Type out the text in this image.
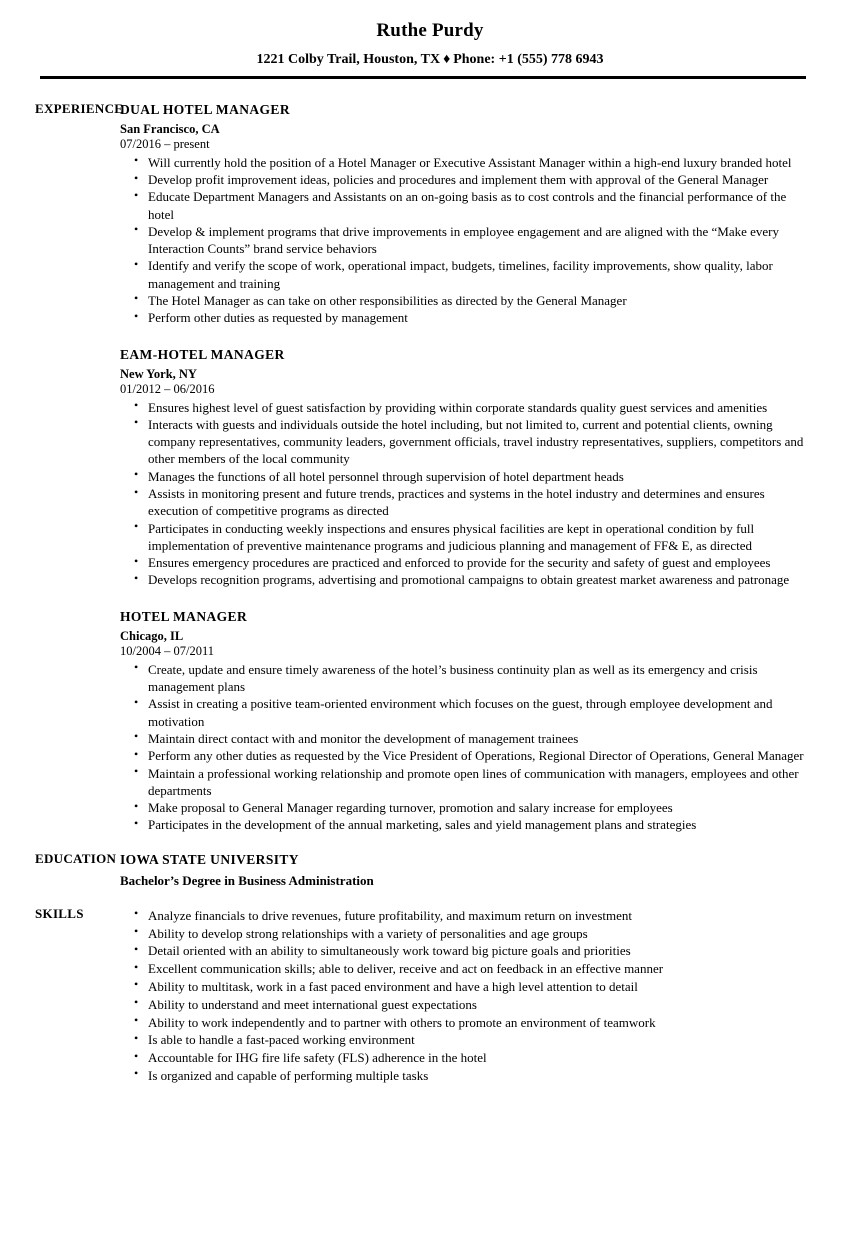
Ruthe Purdy
1221 Colby Trail, Houston, TX ♦ Phone: +1 (555) 778 6943
EXPERIENCE
DUAL HOTEL MANAGER
San Francisco, CA
07/2016 – present
• Will currently hold the position of a Hotel Manager or Executive Assistant Manager within a high-end luxury branded hotel
• Develop profit improvement ideas, policies and procedures and implement them with approval of the General Manager
• Educate Department Managers and Assistants on an on-going basis as to cost controls and the financial performance of the hotel
• Develop & implement programs that drive improvements in employee engagement and are aligned with the “Make every Interaction Counts” brand service behaviors
• Identify and verify the scope of work, operational impact, budgets, timelines, facility improvements, show quality, labor management and training
• The Hotel Manager as can take on other responsibilities as directed by the General Manager
• Perform other duties as requested by management
EAM-HOTEL MANAGER
New York, NY
01/2012 – 06/2016
• Ensures highest level of guest satisfaction by providing within corporate standards quality guest services and amenities
• Interacts with guests and individuals outside the hotel including, but not limited to, current and potential clients, owning company representatives, community leaders, government officials, travel industry representatives, suppliers, competitors and other members of the local community
• Manages the functions of all hotel personnel through supervision of hotel department heads
• Assists in monitoring present and future trends, practices and systems in the hotel industry and determines and ensures execution of competitive programs as directed
• Participates in conducting weekly inspections and ensures physical facilities are kept in operational condition by full implementation of preventive maintenance programs and judicious planning and management of FF& E, as directed
• Ensures emergency procedures are practiced and enforced to provide for the security and safety of guest and employees
• Develops recognition programs, advertising and promotional campaigns to obtain greatest market awareness and patronage
HOTEL MANAGER
Chicago, IL
10/2004 – 07/2011
• Create, update and ensure timely awareness of the hotel’s business continuity plan as well as its emergency and crisis management plans
• Assist in creating a positive team-oriented environment which focuses on the guest, through employee development and motivation
• Maintain direct contact with and monitor the development of management trainees
• Perform any other duties as requested by the Vice President of Operations, Regional Director of Operations, General Manager
• Maintain a professional working relationship and promote open lines of communication with managers, employees and other departments
• Make proposal to General Manager regarding turnover, promotion and salary increase for employees
• Participates in the development of the annual marketing, sales and yield management plans and strategies
EDUCATION IOWA STATE UNIVERSITY
Bachelor’s Degree in Business Administration
SKILLS	• Analyze financials to drive revenues, future profitability, and maximum return on investment
• Ability to develop strong relationships with a variety of personalities and age groups
• Detail oriented with an ability to simultaneously work toward big picture goals and priorities
• Excellent communication skills; able to deliver, receive and act on feedback in an effective manner
• Ability to multitask, work in a fast paced environment and have a high level attention to detail
• Ability to understand and meet international guest expectations
• Ability to work independently and to partner with others to promote an environment of teamwork
• Is able to handle a fast-paced working environment
• Accountable for IHG fire life safety (FLS) adherence in the hotel
• Is organized and capable of performing multiple tasks
